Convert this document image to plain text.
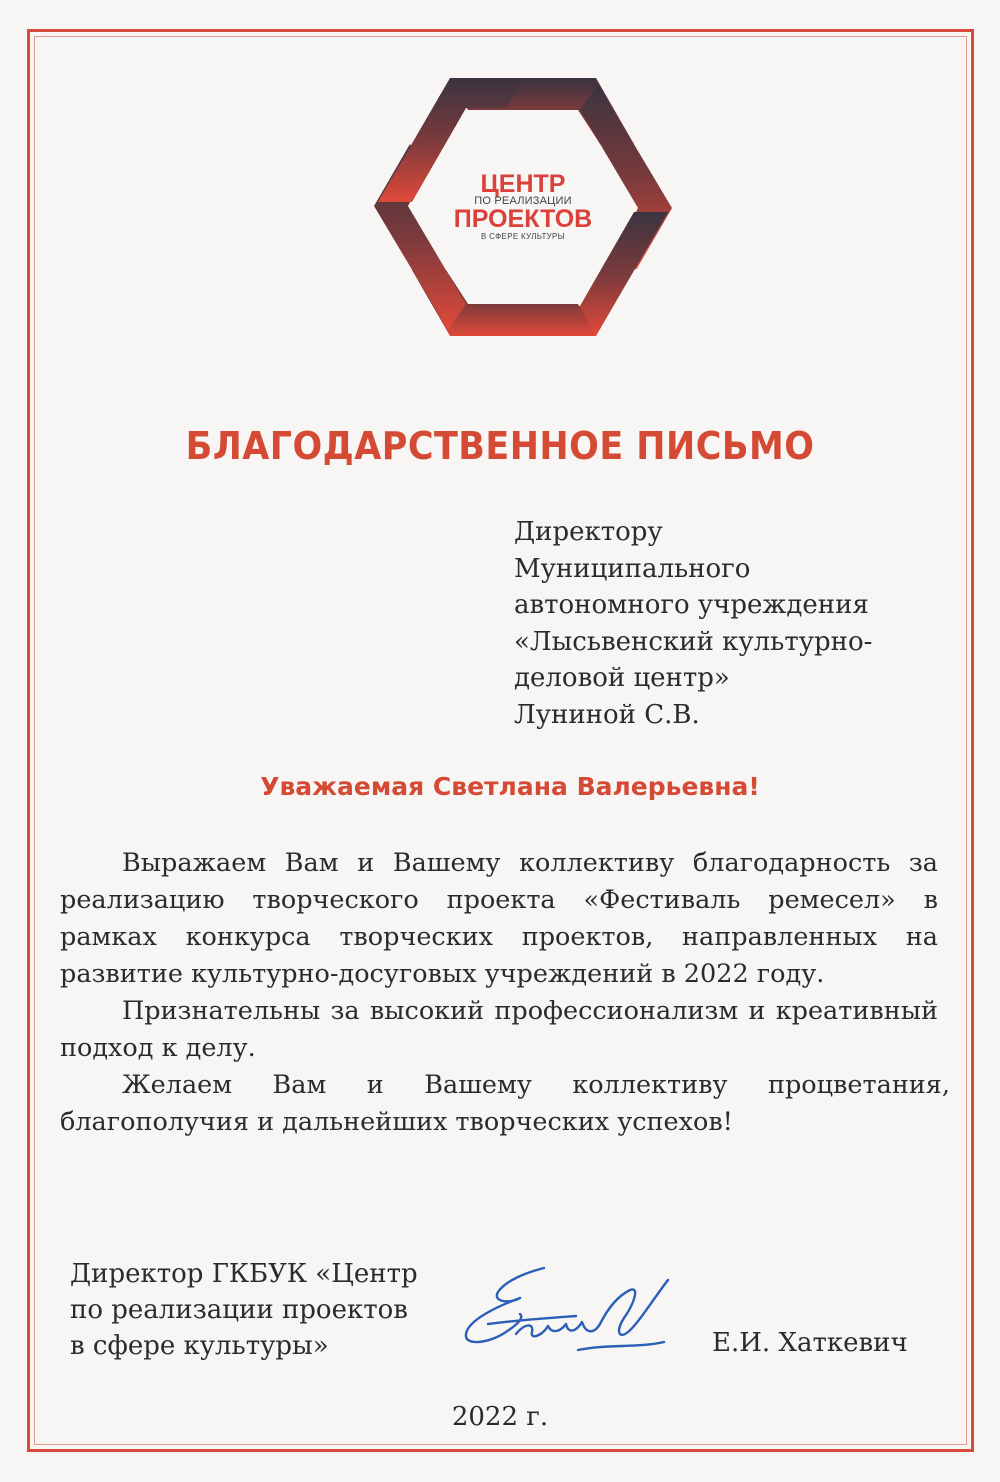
ЦЕНТР
ПО РЕАЛИЗАЦИИ
ПРОЕКТОВ
В СФЕРЕ КУЛЬТУРЫ
БЛАГОДАРСТВЕННОЕ ПИСЬМО
Директору
Муниципального
автономного учреждения
«Лысьвенский культурно-
деловой центр»
Луниной С.В.
Уважаемая Светлана Валерьевна!

Выражаем Вам и Вашему коллективу благодарность за реализацию творческого проекта «Фестиваль ремесел» в рамках конкурса творческих проектов, направленных на развитие культурно-досуговых учреждений в 2022 году.

Признательны за высокий профессионализм и креативный подход к делу.

Желаем Вам и Вашему коллективу процветания, благополучия и дальнейших творческих успехов!

Директор ГКБУК «Центр
по реализации проектов
в сфере культуры»	Е.И. Хаткевич
2022 г.
